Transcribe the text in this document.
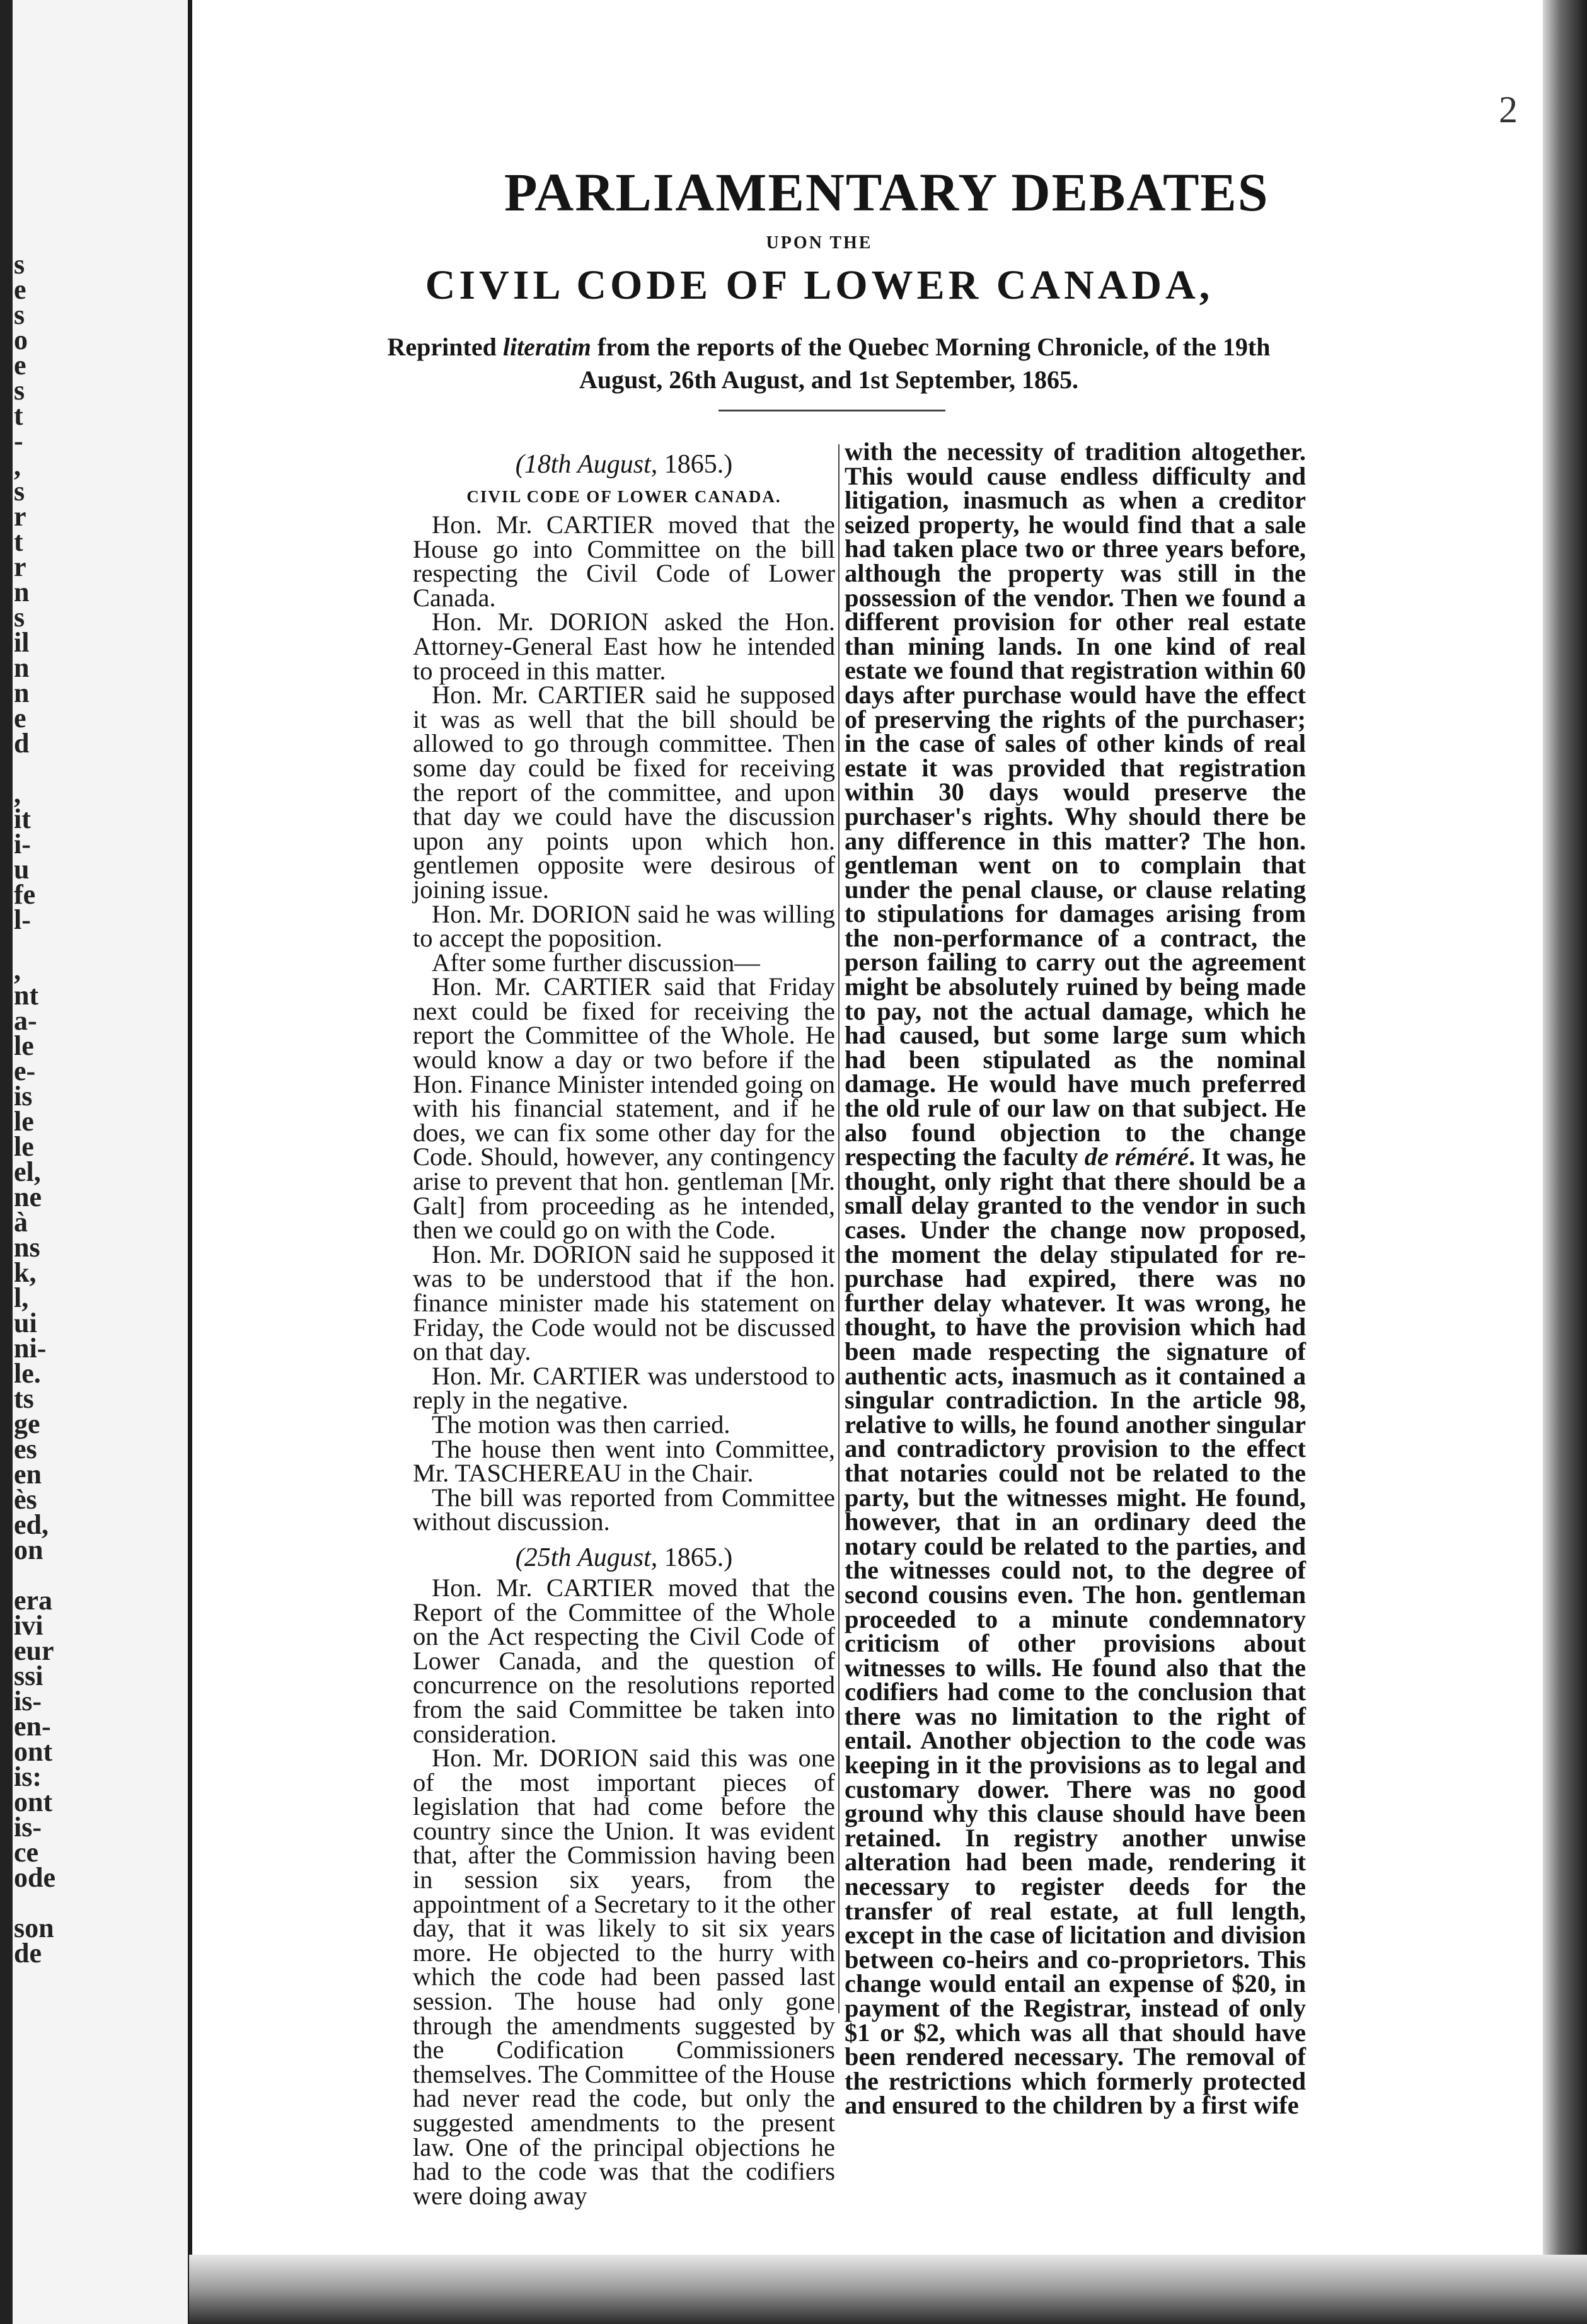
s
e
s
o
e
s
t
-
,
s
r
t
r
n
s
il
n
n
e
d

,
it
i-
u
fe
l-

,
nt
a-
le
e-
is
le
le
el,
ne
à
ns
k,
l,
ui
ni-
le.
ts
ge
es
en
ès
ed,
on

era
ivi
eur
ssi
is-
en-
ont
is:
ont
is-
ce
ode

son
de
2
PARLIAMENTARY DEBATES
UPON THE
CIVIL CODE OF LOWER CANADA,
Reprinted literatim from the reports of the Quebec Morning Chronicle, of the 19th August, 26th August, and 1st September, 1865.

(18th August, 1865.)

CIVIL CODE OF LOWER CANADA.

Hon. Mr. CARTIER moved that the House go into Committee on the bill respecting the Civil Code of Lower Canada.

Hon. Mr. DORION asked the Hon. Attorney-General East how he intended to proceed in this matter.

Hon. Mr. CARTIER said he supposed it was as well that the bill should be allowed to go through committee. Then some day could be fixed for receiving the report of the committee, and upon that day we could have the discussion upon any points upon which hon. gentlemen opposite were desirous of joining issue.

Hon. Mr. DORION said he was willing to accept the poposition.

After some further discussion—

Hon. Mr. CARTIER said that Friday next could be fixed for receiving the report the Committee of the Whole. He would know a day or two before if the Hon. Finance Minister intended going on with his financial statement, and if he does, we can fix some other day for the Code. Should, however, any contingency arise to prevent that hon. gentleman [Mr. Galt] from proceeding as he intended, then we could go on with the Code.

Hon. Mr. DORION said he supposed it was to be understood that if the hon. finance minister made his statement on Friday, the Code would not be discussed on that day.

Hon. Mr. CARTIER was understood to reply in the negative.

The motion was then carried.

The house then went into Committee, Mr. TASCHEREAU in the Chair.

The bill was reported from Committee without discussion.

(25th August, 1865.)

Hon. Mr. CARTIER moved that the Report of the Committee of the Whole on the Act respecting the Civil Code of Lower Canada, and the question of concurrence on the resolutions reported from the said Committee be taken into consideration.

Hon. Mr. DORION said this was one of the most important pieces of legislation that had come before the country since the Union. It was evident that, after the Commission having been in session six years, from the appointment of a Secretary to it the other day, that it was likely to sit six years more. He objected to the hurry with which the code had been passed last session. The house had only gone through the amendments suggested by the Codification Commissioners themselves. The Committee of the House had never read the code, but only the suggested amendments to the present law. One of the principal objections he had to the code was that the codifiers were doing away

with the necessity of tradition altogether. This would cause endless difficulty and litigation, inasmuch as when a creditor seized property, he would find that a sale had taken place two or three years before, although the property was still in the possession of the vendor. Then we found a different provision for other real estate than mining lands. In one kind of real estate we found that registration within 60 days after purchase would have the effect of preserving the rights of the purchaser; in the case of sales of other kinds of real estate it was provided that registration within 30 days would preserve the purchaser's rights. Why should there be any difference in this matter? The hon. gentleman went on to complain that under the penal clause, or clause relating to stipulations for damages arising from the non-performance of a contract, the person failing to carry out the agreement might be absolutely ruined by being made to pay, not the actual damage, which he had caused, but some large sum which had been stipulated as the nominal damage. He would have much preferred the old rule of our law on that subject. He also found objection to the change respecting the faculty de réméré. It was, he thought, only right that there should be a small delay granted to the vendor in such cases. Under the change now proposed, the moment the delay stipulated for re-purchase had expired, there was no further delay whatever. It was wrong, he thought, to have the provision which had been made respecting the signature of authentic acts, inasmuch as it contained a singular contradiction. In the article 98, relative to wills, he found another singular and contradictory provision to the effect that notaries could not be related to the party, but the witnesses might. He found, however, that in an ordinary deed the notary could be related to the parties, and the witnesses could not, to the degree of second cousins even. The hon. gentleman proceeded to a minute condemnatory criticism of other provisions about witnesses to wills. He found also that the codifiers had come to the conclusion that there was no limitation to the right of entail. Another objection to the code was keeping in it the provisions as to legal and customary dower. There was no good ground why this clause should have been retained. In registry another unwise alteration had been made, rendering it necessary to register deeds for the transfer of real estate, at full length, except in the case of licitation and division between co-heirs and co-proprietors. This change would entail an expense of $20, in payment of the Registrar, instead of only $1 or $2, which was all that should have been rendered necessary. The removal of the restrictions which formerly protected and ensured to the children by a first wife
